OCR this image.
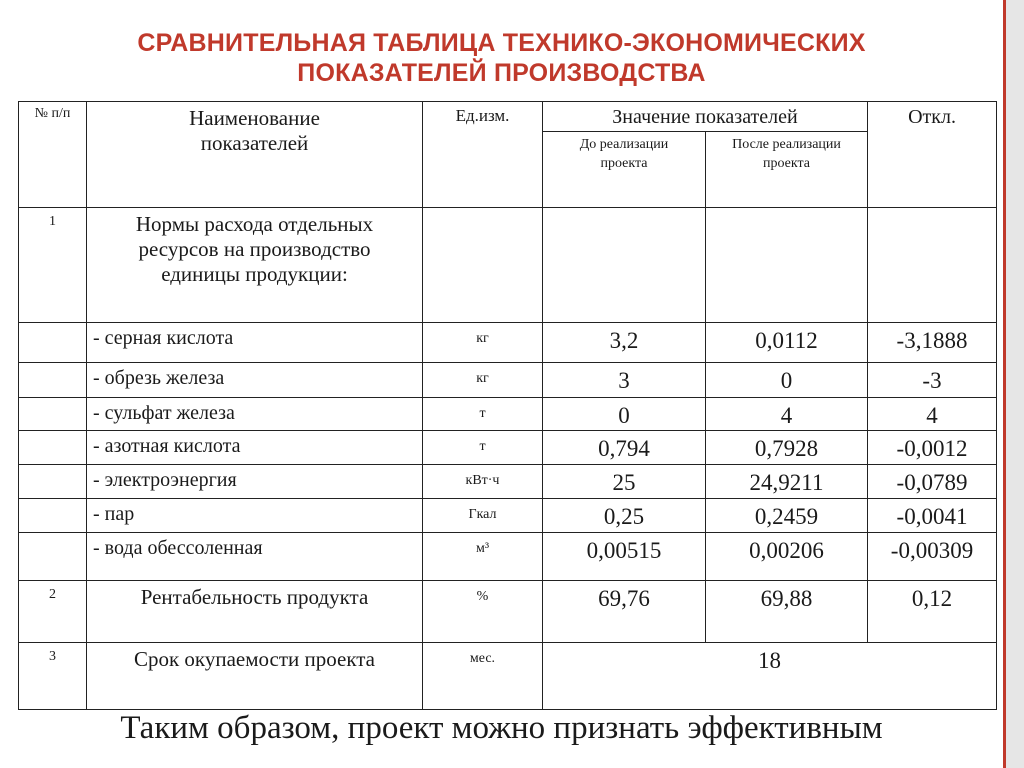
СРАВНИТЕЛЬНАЯ ТАБЛИЦА ТЕХНИКО-ЭКОНОМИЧЕСКИХ
ПОКАЗАТЕЛЕЙ ПРОИЗВОДСТВА
№ п/п	Наименование показателей	Ед.изм.	Значение показателей		Откл.
			До реализации проекта	После реализации проекта	
1	Нормы расхода отдельных ресурсов на производство единицы продукции:				
	- серная кислота	кг	3,2	0,0112	-3,1888
	- обрезь железа	кг	3	0	-3
	- сульфат железа	т	0	4	4
	- азотная кислота	т	0,794	0,7928	-0,0012
	- электроэнергия	кВт·ч	25	24,9211	-0,0789
	- пар	Гкал	0,25	0,2459	-0,0041
	- вода обессоленная	м³	0,00515	0,00206	-0,00309
2	Рентабельность продукта	%	69,76	69,88	0,12
3	Срок окупаемости проекта	мес.	18		
Таким образом, проект можно признать эффективным
